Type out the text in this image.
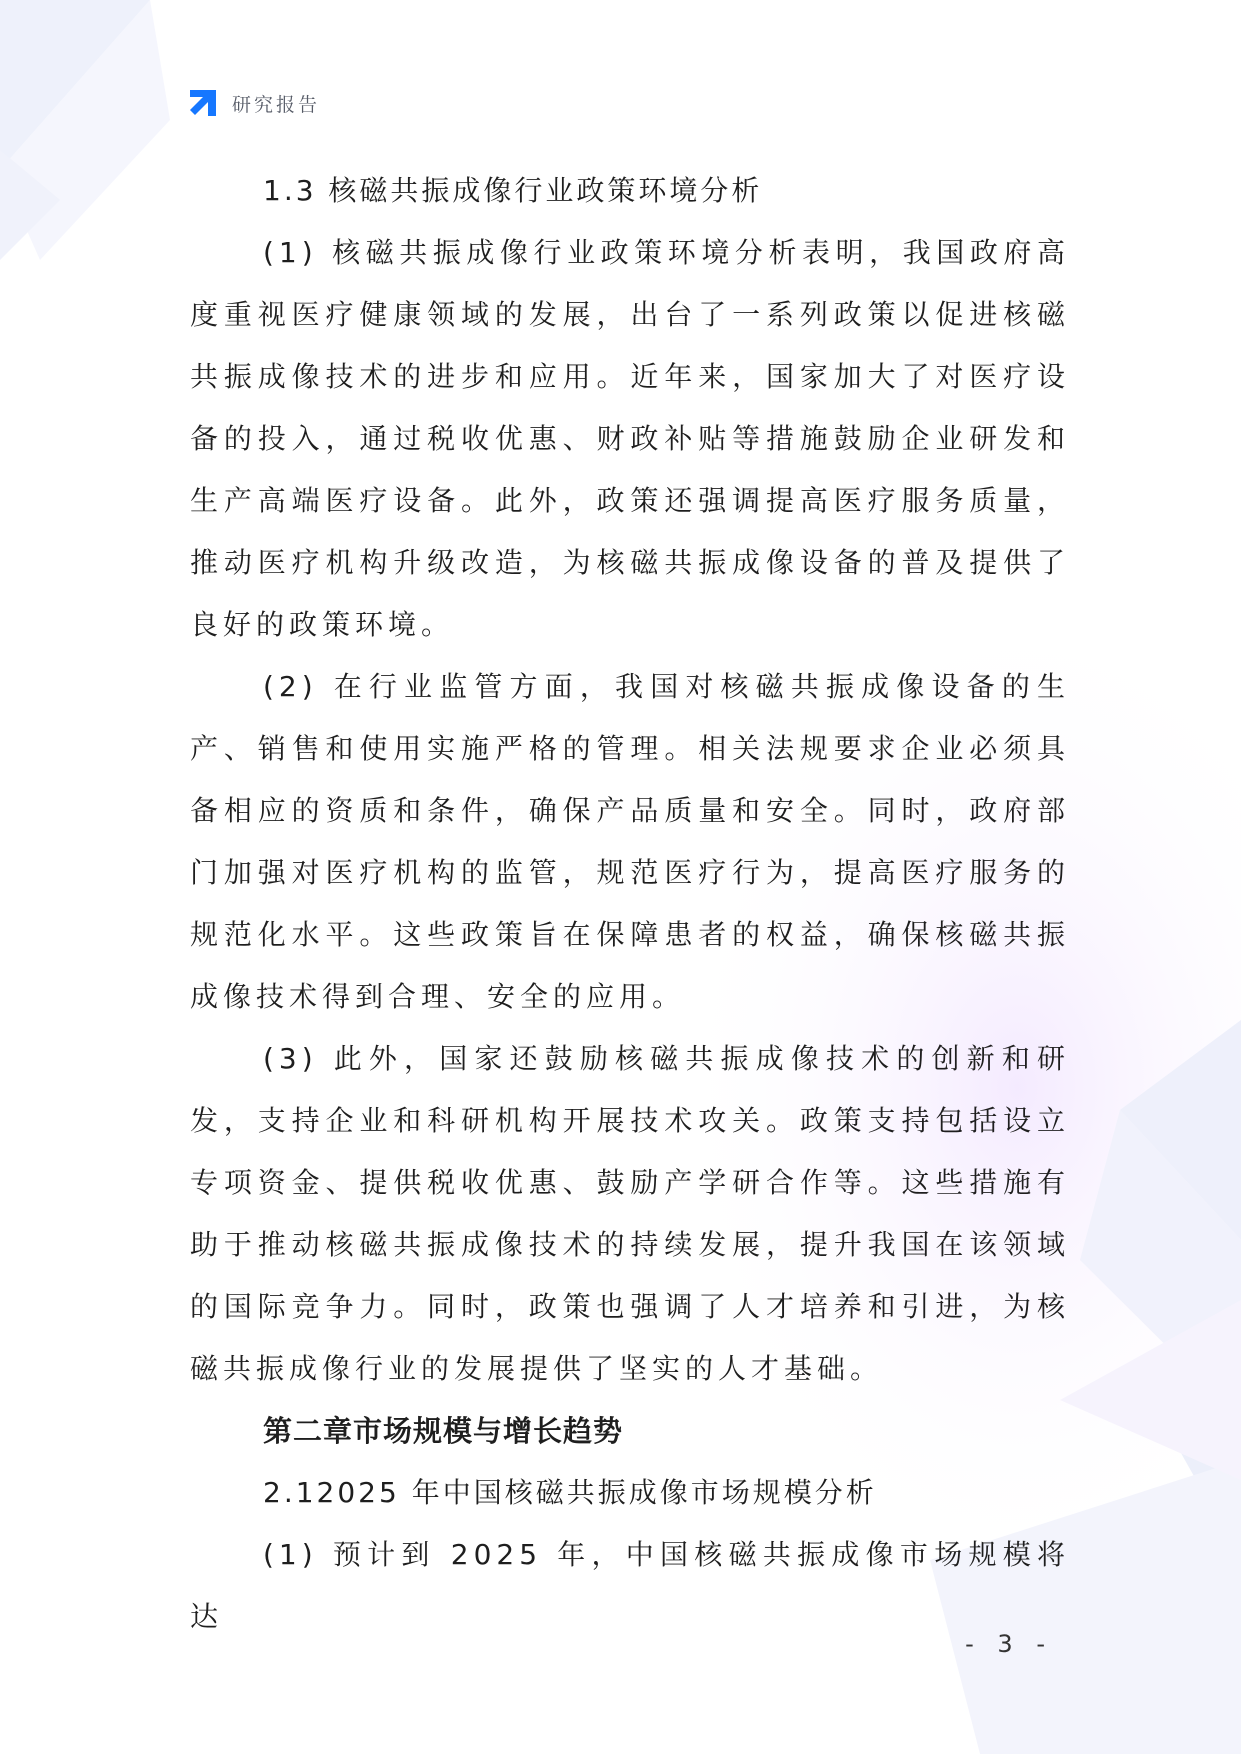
研究报告
1.3 核磁共振成像行业政策环境分析

(1) 核磁共振成像行业政策环境分析表明，我国政府高度重视医疗健康领域的发展，出台了一系列政策以促进核磁共振成像技术的进步和应用。近年来，国家加大了对医疗设备的投入，通过税收优惠、财政补贴等措施鼓励企业研发和生产高端医疗设备。此外，政策还强调提高医疗服务质量，推动医疗机构升级改造，为核磁共振成像设备的普及提供了良好的政策环境。

(2) 在行业监管方面，我国对核磁共振成像设备的生产、销售和使用实施严格的管理。相关法规要求企业必须具备相应的资质和条件，确保产品质量和安全。同时，政府部门加强对医疗机构的监管，规范医疗行为，提高医疗服务的规范化水平。这些政策旨在保障患者的权益，确保核磁共振成像技术得到合理、安全的应用。

(3) 此外，国家还鼓励核磁共振成像技术的创新和研发，支持企业和科研机构开展技术攻关。政策支持包括设立专项资金、提供税收优惠、鼓励产学研合作等。这些措施有助于推动核磁共振成像技术的持续发展，提升我国在该领域的国际竞争力。同时，政策也强调了人才培养和引进，为核磁共振成像行业的发展提供了坚实的人才基础。

第二章市场规模与增长趋势
2.12025 年中国核磁共振成像市场规模分析

(1) 预计到 2025 年，中国核磁共振成像市场规模将达

- 3 -
